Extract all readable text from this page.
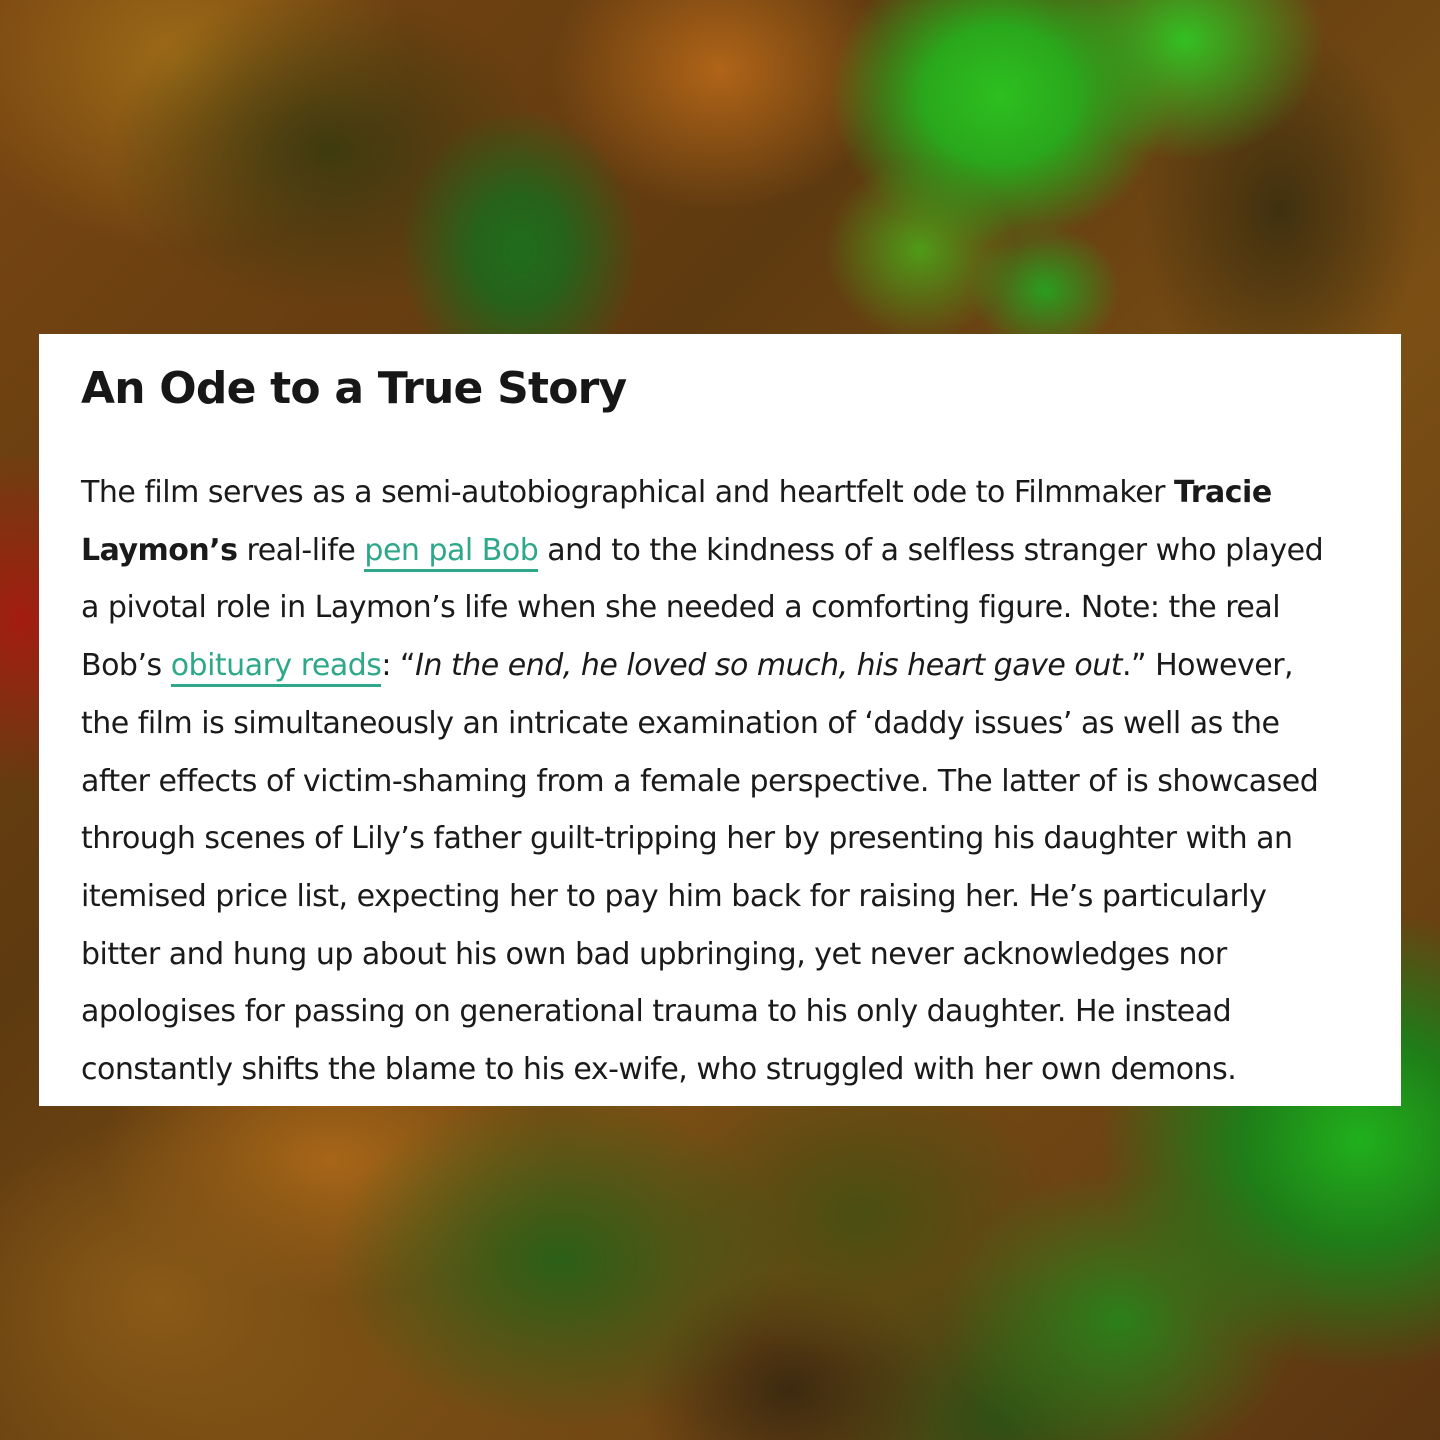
An Ode to a True Story

The film serves as a semi-autobiographical and heartfelt ode to Filmmaker Tracie
Laymon’s real-life pen pal Bob and to the kindness of a selfless stranger who played
a pivotal role in Laymon’s life when she needed a comforting figure. Note: the real
Bob’s obituary reads: “In the end, he loved so much, his heart gave out.” However,
the film is simultaneously an intricate examination of ‘daddy issues’ as well as the
after effects of victim-shaming from a female perspective. The latter of is showcased
through scenes of Lily’s father guilt-tripping her by presenting his daughter with an
itemised price list, expecting her to pay him back for raising her. He’s particularly
bitter and hung up about his own bad upbringing, yet never acknowledges nor
apologises for passing on generational trauma to his only daughter. He instead
constantly shifts the blame to his ex-wife, who struggled with her own demons.
